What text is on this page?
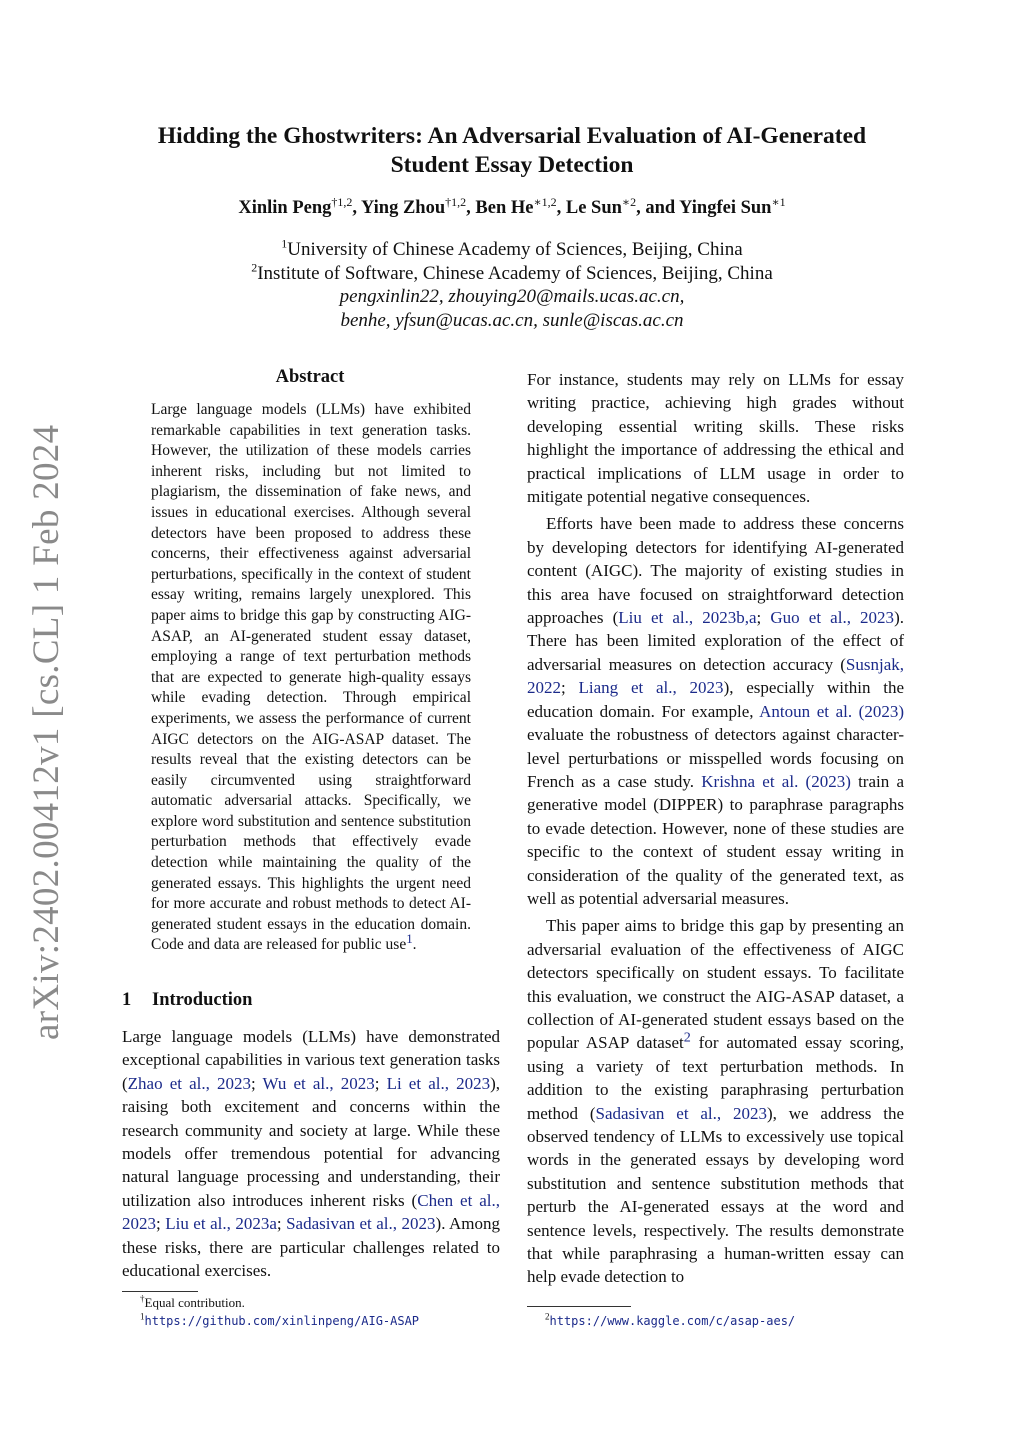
arXiv:2402.00412v1 [cs.CL] 1 Feb 2024
Hidding the Ghostwriters: An Adversarial Evaluation of AI-Generated
Student Essay Detection
Xinlin Peng$^{\dagger 1,2}$, Ying Zhou$^{\dagger 1,2}$, Ben $He^{∗1,2}$, Le Sun$^{∗2}$, and Yingfei Sun$^{∗1}$
$^1$University of Chinese Academy of Sciences, Beijing, China
$^2$Institute of Software, Chinese Academy of Sciences, Beijing, China
pengxinlin22, zhouying20@mails.ucas.ac.cn,
benhe, yfsun@ucas.ac.cn, sunle@iscas.ac.cn
Abstract
Large language models (LLMs) have exhibited remarkable capabilities in text generation tasks. However, the utilization of these models carries inherent risks, including but not limited to plagiarism, the dissemination of fake news, and issues in educational exercises. Although several detectors have been proposed to address these concerns, their effectiveness against adversarial perturbations, specifically in the context of student essay writing, remains largely unexplored. This paper aims to bridge this gap by constructing AIG-ASAP, an AI-generated student essay dataset, employing a range of text perturbation methods that are expected to generate high-quality essays while evading detection. Through empirical experiments, we assess the performance of current AIGC detectors on the AIG-ASAP dataset. The results reveal that the existing detectors can be easily circumvented using straightforward automatic adversarial attacks. Specifically, we explore word substitution and sentence substitution perturbation methods that effectively evade detection while maintaining the quality of the generated essays. This highlights the urgent need for more accurate and robust methods to detect AI-generated student essays in the education domain. Code and data are released for public use$^1$.
1 Introduction
Large language models (LLMs) have demonstrated exceptional capabilities in various text generation tasks (Zhao et al., 2023; Wu et al., 2023; Li et al., 2023), raising both excitement and concerns within the research community and society at large. While these models offer tremendous potential for advancing natural language processing and understanding, their utilization also introduces inherent risks (Chen et al., 2023; Liu et al., 2023a; Sadasivan et al., 2023). Among these risks, there are particular challenges related to educational exercises.

For instance, students may rely on LLMs for essay writing practice, achieving high grades without developing essential writing skills. These risks highlight the importance of addressing the ethical and practical implications of LLM usage in order to mitigate potential negative consequences.

Efforts have been made to address these concerns by developing detectors for identifying AI-generated content (AIGC). The majority of existing studies in this area have focused on straightforward detection approaches (Liu et al., 2023b,a; Guo et al., 2023). There has been limited exploration of the effect of adversarial measures on detection accuracy (Susnjak, 2022; Liang et al., 2023), especially within the education domain. For example, Antoun et al. (2023) evaluate the robustness of detectors against character-level perturbations or misspelled words focusing on French as a case study. Krishna et al. (2023) train a generative model (DIPPER) to paraphrase paragraphs to evade detection. However, none of these studies are specific to the context of student essay writing in consideration of the quality of the generated text, as well as potential adversarial measures.

This paper aims to bridge this gap by presenting an adversarial evaluation of the effectiveness of AIGC detectors specifically on student essays. To facilitate this evaluation, we construct the AIG-ASAP dataset, a collection of AI-generated student essays based on the popular ASAP dataset$^2$ for automated essay scoring, using a variety of text perturbation methods. In addition to the existing paraphrasing perturbation method (Sadasivan et al., 2023), we address the observed tendency of LLMs to excessively use topical words in the generated essays by developing word substitution and sentence substitution methods that perturb the AI-generated essays at the word and sentence levels, respectively. The results demonstrate that while paraphrasing a human-written essay can help evade detection to

†Equal contribution.
$^1$https://github.com/xinlinpeng/AIG-ASAP	$^2$https://www.kaggle.com/c/asap-aes/
